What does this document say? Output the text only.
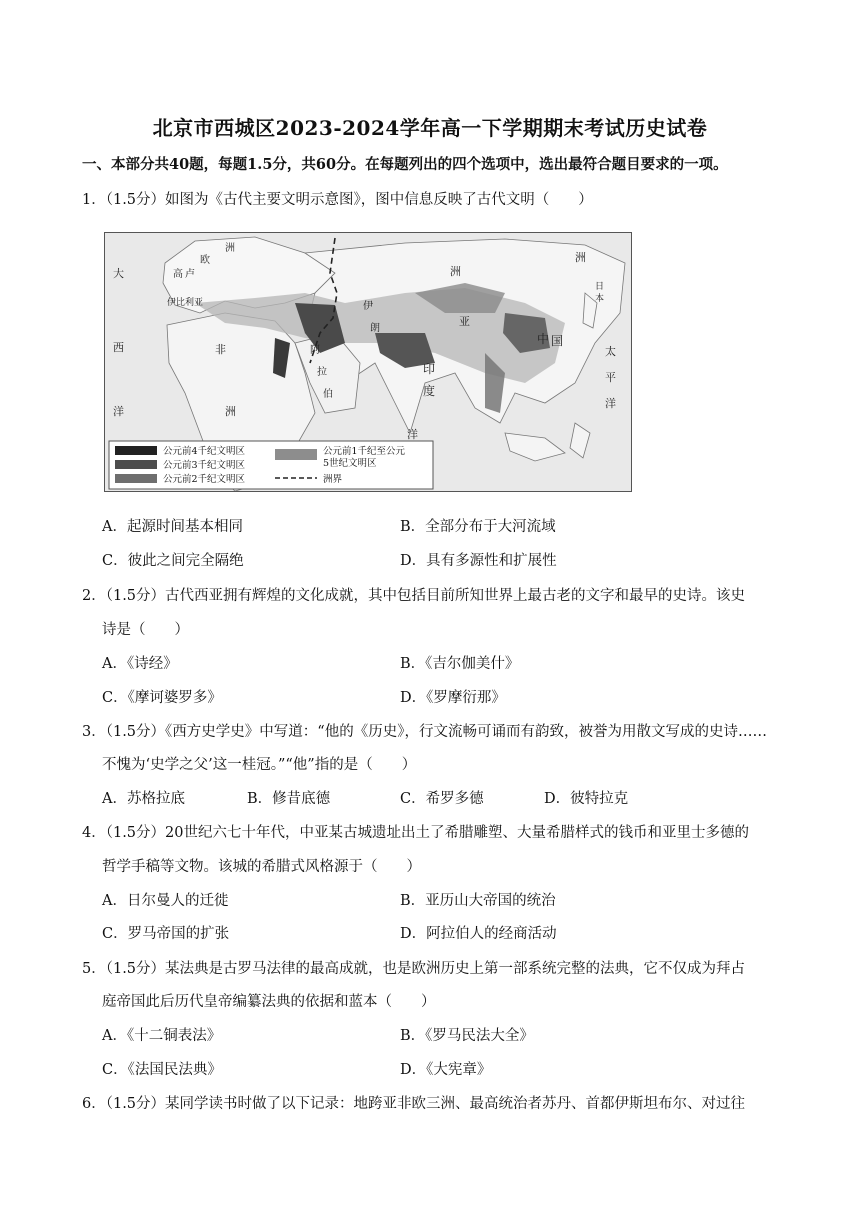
北京市西城区2023-2024学年高一下学期期末考试历史试卷
一、本部分共40题，每题1.5分，共60分。在每题列出的四个选项中，选出最符合题目要求的一项。
1．（1.5分）如图为《古代主要文明示意图》，图中信息反映了古代文明（　　）
欧
洲
高 卢
伊比利亚
大
西
洋
非
洲
阿
拉
伯
伊
朗
印
度
洋
中 国
太
平
洋
日
本
洲
亚
洲
公元前4千纪文明区
公元前3千纪文明区
公元前2千纪文明区
公元前1千纪至公元
5世纪文明区
洲界
A．起源时间基本相同	B．全部分布于大河流域
C．彼此之间完全隔绝	D．具有多源性和扩展性
2．（1.5分）古代西亚拥有辉煌的文化成就，其中包括目前所知世界上最古老的文字和最早的史诗。该史
诗是（　　）
A．《诗经》	B．《吉尔伽美什》
C．《摩诃婆罗多》	D．《罗摩衍那》
3．（1.5分）《西方史学史》中写道：“他的《历史》，行文流畅可诵而有韵致，被誉为用散文写成的史诗……
不愧为‘史学之父’这一桂冠。”“他”指的是（　　）
A．苏格拉底	B．修昔底德	C．希罗多德	D．彼特拉克
4．（1.5分）20世纪六七十年代，中亚某古城遗址出土了希腊雕塑、大量希腊样式的钱币和亚里士多德的
哲学手稿等文物。该城的希腊式风格源于（　　）
A．日尔曼人的迁徙	B．亚历山大帝国的统治
C．罗马帝国的扩张	D．阿拉伯人的经商活动
5．（1.5分）某法典是古罗马法律的最高成就，也是欧洲历史上第一部系统完整的法典，它不仅成为拜占
庭帝国此后历代皇帝编纂法典的依据和蓝本（　　）
A．《十二铜表法》	B．《罗马民法大全》
C．《法国民法典》	D．《大宪章》
6．（1.5分）某同学读书时做了以下记录：地跨亚非欧三洲、最高统治者苏丹、首都伊斯坦布尔、对过往
